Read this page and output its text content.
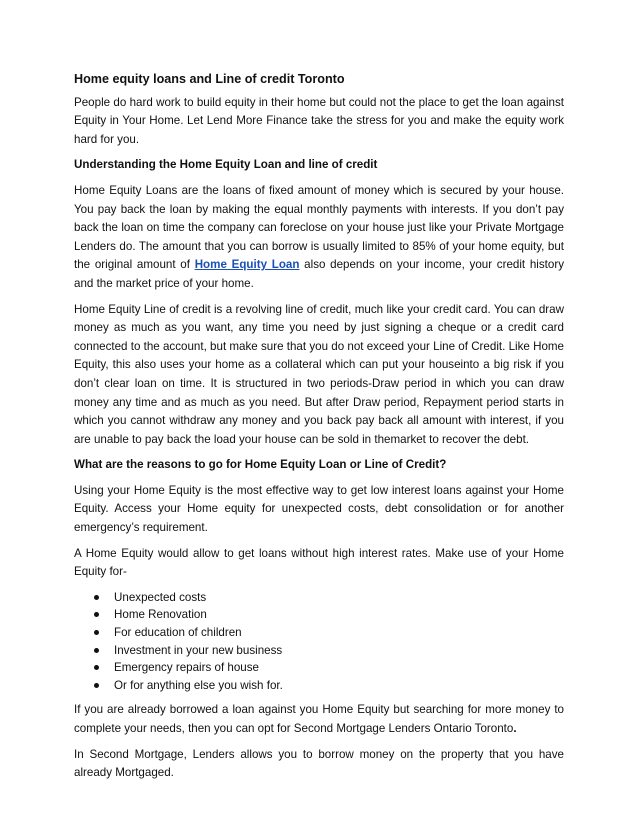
Home equity loans and Line of credit Toronto

People do hard work to build equity in their home but could not the place to get the loan against Equity in Your Home. Let Lend More Finance take the stress for you and make the equity work hard for you.

Understanding the Home Equity Loan and line of credit

Home Equity Loans are the loans of fixed amount of money which is secured by your house. You pay back the loan by making the equal monthly payments with interests. If you don’t pay back the loan on time the company can foreclose on your house just like your Private Mortgage Lenders do. The amount that you can borrow is usually limited to 85% of your home equity, but the original amount of Home Equity Loan also depends on your income, your credit history and the market price of your home.

Home Equity Line of credit is a revolving line of credit, much like your credit card. You can draw money as much as you want, any time you need by just signing a cheque or a credit card connected to the account, but make sure that you do not exceed your Line of Credit. Like Home Equity, this also uses your home as a collateral which can put your houseinto a big risk if you don’t clear loan on time. It is structured in two periods-Draw period in which you can draw money any time and as much as you need. But after Draw period, Repayment period starts in which you cannot withdraw any money and you back pay back all amount with interest, if you are unable to pay back the load your house can be sold in themarket to recover the debt.

What are the reasons to go for Home Equity Loan or Line of Credit?

Using your Home Equity is the most effective way to get low interest loans against your Home Equity. Access your Home equity for unexpected costs, debt consolidation or for another emergency’s requirement.

A Home Equity would allow to get loans without high interest rates. Make use of your Home Equity for-

Unexpected costs
Home Renovation
For education of children
Investment in your new business
Emergency repairs of house
Or for anything else you wish for.

If you are already borrowed a loan against you Home Equity but searching for more money to complete your needs, then you can opt for Second Mortgage Lenders Ontario Toronto.

In Second Mortgage, Lenders allows you to borrow money on the property that you have already Mortgaged.
